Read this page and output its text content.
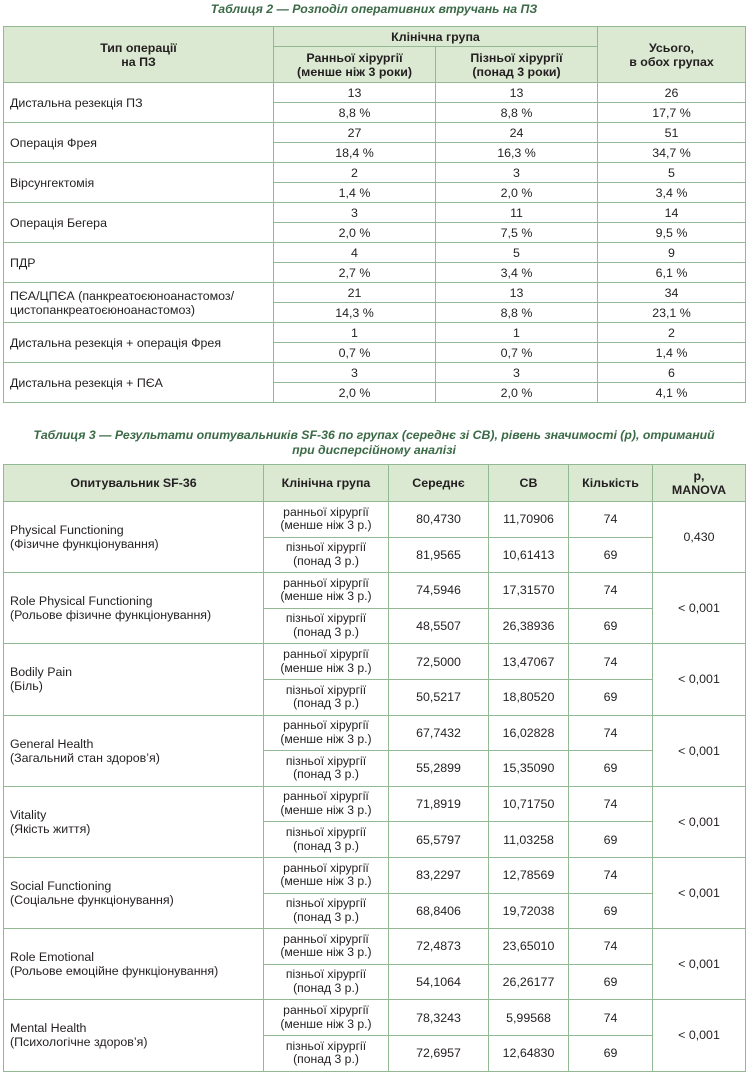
Таблиця 2 — Розподіл оперативних втручань на ПЗ

Тип операції
на ПЗ	Клінічна група		Усього,
в обох групах
	Ранньої хірургії
(менше ніж 3 роки)	Пізньої хірургії
(понад 3 роки)	
Дистальна резекція ПЗ	13	13	26
	8,8 %	8,8 %	17,7 %
Операція Фрея	27	24	51
	18,4 %	16,3 %	34,7 %
Вірсунгектомія	2	3	5
	1,4 %	2,0 %	3,4 %
Операція Бегера	3	11	14
	2,0 %	7,5 %	9,5 %
ПДР	4	5	9
	2,7 %	3,4 %	6,1 %
ПЄА/ЦПЄА (панкреатоєюноанастомоз/
цистопанкреатоєюноанастомоз)	21	13	34
	14,3 %	8,8 %	23,1 %
Дистальна резекція + операція Фрея	1	1	2
	0,7 %	0,7 %	1,4 %
Дистальна резекція + ПЄА	3	3	6
	2,0 %	2,0 %	4,1 %

Таблиця 3 — Результати опитувальників SF-36 по групах (середнє зі СВ), рівень значимості (р), отриманий

при дисперсійному аналізі

Опитувальник SF-36	Клінічна група	Середнє	СВ	Кількість	р,
MANOVA
Physical Functioning
(Фізичне функціонування)	ранньої хірургії
(менше ніж 3 р.)	80,4730	11,70906	74	0,430
	пізньої хірургії
(понад 3 р.)	81,9565	10,61413	69	
Role Physical Functioning
(Рольове фізичне функціонування)	ранньої хірургії
(менше ніж 3 р.)	74,5946	17,31570	74	< 0,001
	пізньої хірургії
(понад 3 р.)	48,5507	26,38936	69	
Bodily Pain
(Біль)	ранньої хірургії
(менше ніж 3 р.)	72,5000	13,47067	74	< 0,001
	пізньої хірургії
(понад 3 р.)	50,5217	18,80520	69	
General Health
(Загальний стан здоров’я)	ранньої хірургії
(менше ніж 3 р.)	67,7432	16,02828	74	< 0,001
	пізньої хірургії
(понад 3 р.)	55,2899	15,35090	69	
Vitality
(Якість життя)	ранньої хірургії
(менше ніж 3 р.)	71,8919	10,71750	74	< 0,001
	пізньої хірургії
(понад 3 р.)	65,5797	11,03258	69	
Social Functioning
(Соціальне функціонування)	ранньої хірургії
(менше ніж 3 р.)	83,2297	12,78569	74	< 0,001
	пізньої хірургії
(понад 3 р.)	68,8406	19,72038	69	
Role Emotional
(Рольове емоційне функціонування)	ранньої хірургії
(менше ніж 3 р.)	72,4873	23,65010	74	< 0,001
	пізньої хірургії
(понад 3 р.)	54,1064	26,26177	69	
Mental Health
(Психологічне здоров’я)	ранньої хірургії
(менше ніж 3 р.)	78,3243	5,99568	74	< 0,001
	пізньої хірургії
(понад 3 р.)	72,6957	12,64830	69	
